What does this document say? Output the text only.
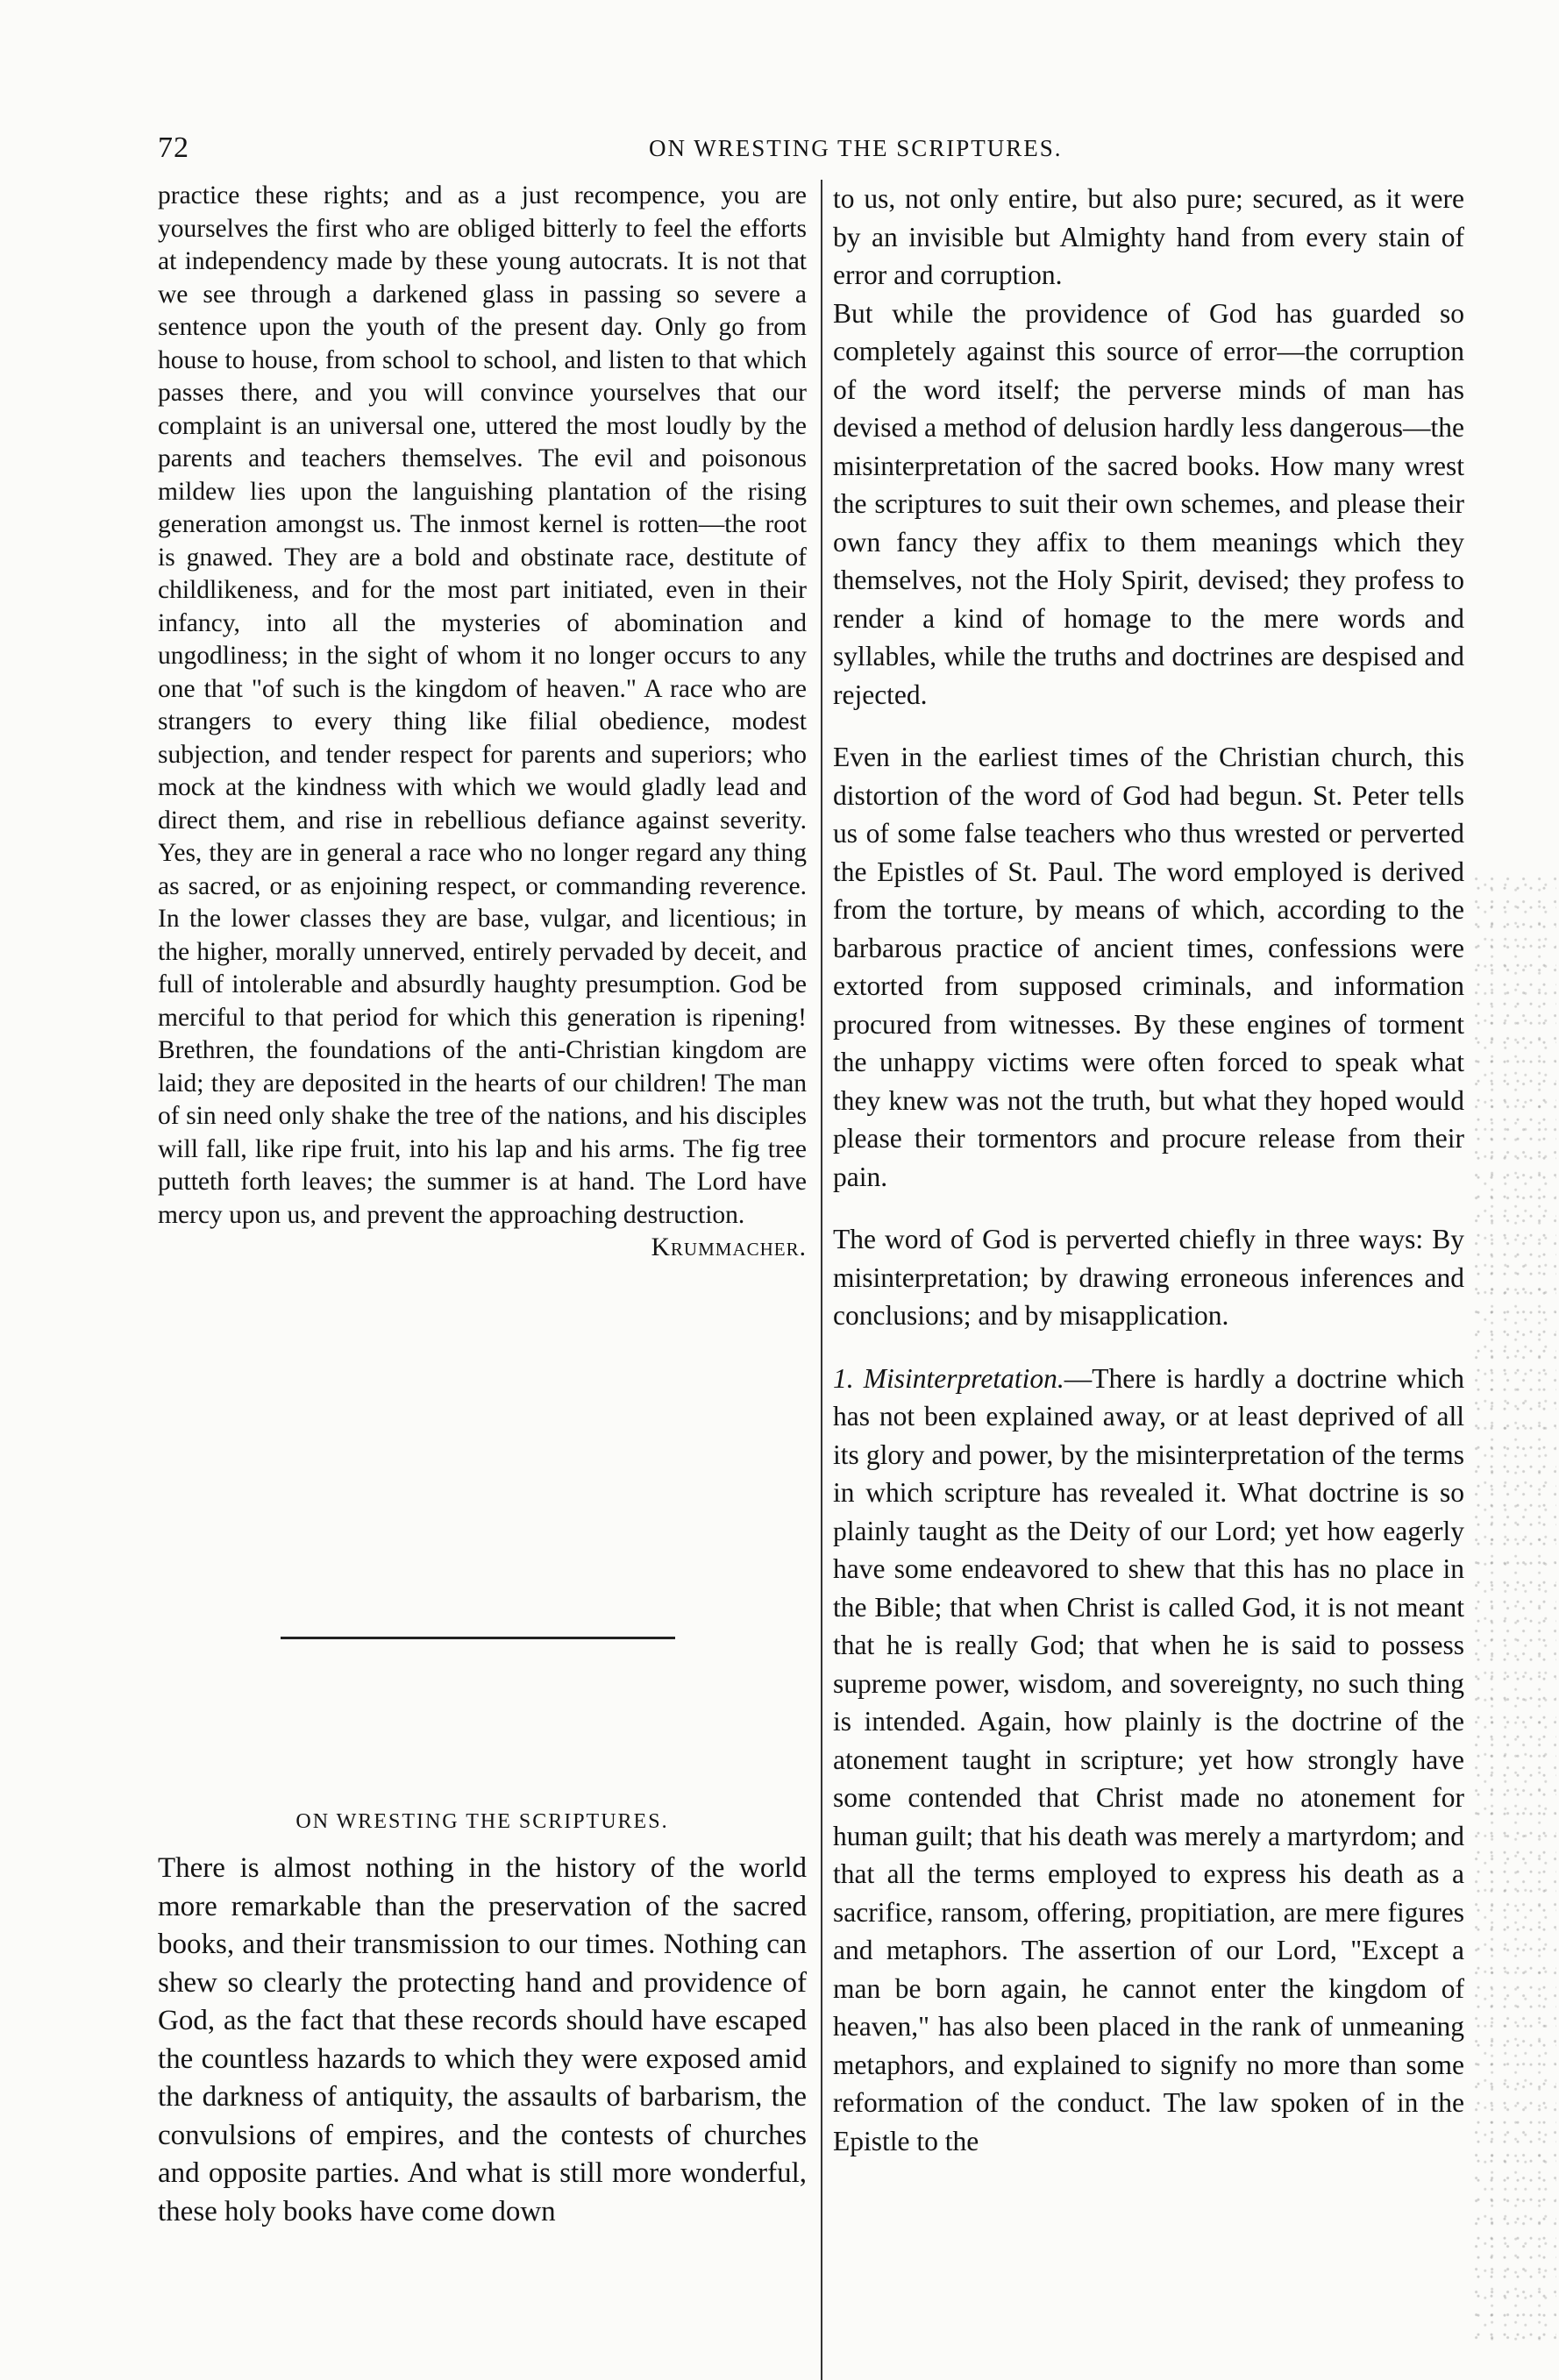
72	ON WRESTING THE SCRIPTURES.

practice these rights; and as a just recompence, you are yourselves the first who are obliged bitterly to feel the efforts at independency made by these young autocrats. It is not that we see through a darkened glass in passing so severe a sentence upon the youth of the present day. Only go from house to house, from school to school, and listen to that which passes there, and you will convince yourselves that our complaint is an universal one, uttered the most loudly by the parents and teachers themselves. The evil and poisonous mildew lies upon the languishing plantation of the rising generation amongst us. The inmost kernel is rotten—the root is gnawed. They are a bold and obstinate race, destitute of childlikeness, and for the most part initiated, even in their infancy, into all the mysteries of abomination and ungodliness; in the sight of whom it no longer occurs to any one that "of such is the kingdom of heaven." A race who are strangers to every thing like filial obedience, modest subjection, and tender respect for parents and superiors; who mock at the kindness with which we would gladly lead and direct them, and rise in rebellious defiance against severity. Yes, they are in general a race who no longer regard any thing as sacred, or as enjoining respect, or commanding reverence. In the lower classes they are base, vulgar, and licentious; in the higher, morally unnerved, entirely pervaded by deceit, and full of intolerable and absurdly haughty presumption. God be merciful to that period for which this generation is ripening! Brethren, the foundations of the anti-Christian kingdom are laid; they are deposited in the hearts of our children! The man of sin need only shake the tree of the nations, and his disciples will fall, like ripe fruit, into his lap and his arms. The fig tree putteth forth leaves; the summer is at hand. The Lord have mercy upon us, and prevent the approaching destruction.

Krummacher.
ON WRESTING THE SCRIPTURES.

There is almost nothing in the history of the world more remarkable than the preservation of the sacred books, and their transmission to our times. Nothing can shew so clearly the protecting hand and providence of God, as the fact that these records should have escaped the countless hazards to which they were exposed amid the darkness of antiquity, the assaults of barbarism, the convulsions of empires, and the contests of churches and opposite parties. And what is still more wonderful, these holy books have come down

to us, not only entire, but also pure; secured, as it were by an invisible but Almighty hand from every stain of error and corruption.

But while the providence of God has guarded so completely against this source of error—the corruption of the word itself; the perverse minds of man has devised a method of delusion hardly less dangerous—the misinterpretation of the sacred books. How many wrest the scriptures to suit their own schemes, and please their own fancy they affix to them meanings which they themselves, not the Holy Spirit, devised; they profess to render a kind of homage to the mere words and syllables, while the truths and doctrines are despised and rejected.

Even in the earliest times of the Christian church, this distortion of the word of God had begun. St. Peter tells us of some false teachers who thus wrested or perverted the Epistles of St. Paul. The word employed is derived from the torture, by means of which, according to the barbarous practice of ancient times, confessions were extorted from supposed criminals, and information procured from witnesses. By these engines of torment the unhappy victims were often forced to speak what they knew was not the truth, but what they hoped would please their tormentors and procure release from their pain.

The word of God is perverted chiefly in three ways: By misinterpretation; by drawing erroneous inferences and conclusions; and by misapplication.

1. Misinterpretation.—There is hardly a doctrine which has not been explained away, or at least deprived of all its glory and power, by the misinterpretation of the terms in which scripture has revealed it. What doctrine is so plainly taught as the Deity of our Lord; yet how eagerly have some endeavored to shew that this has no place in the Bible; that when Christ is called God, it is not meant that he is really God; that when he is said to possess supreme power, wisdom, and sovereignty, no such thing is intended. Again, how plainly is the doctrine of the atonement taught in scripture; yet how strongly have some contended that Christ made no atonement for human guilt; that his death was merely a martyrdom; and that all the terms employed to express his death as a sacrifice, ransom, offering, propitiation, are mere figures and metaphors. The assertion of our Lord, "Except a man be born again, he cannot enter the kingdom of heaven," has also been placed in the rank of unmeaning metaphors, and explained to signify no more than some reformation of the conduct. The law spoken of in the Epistle to the
